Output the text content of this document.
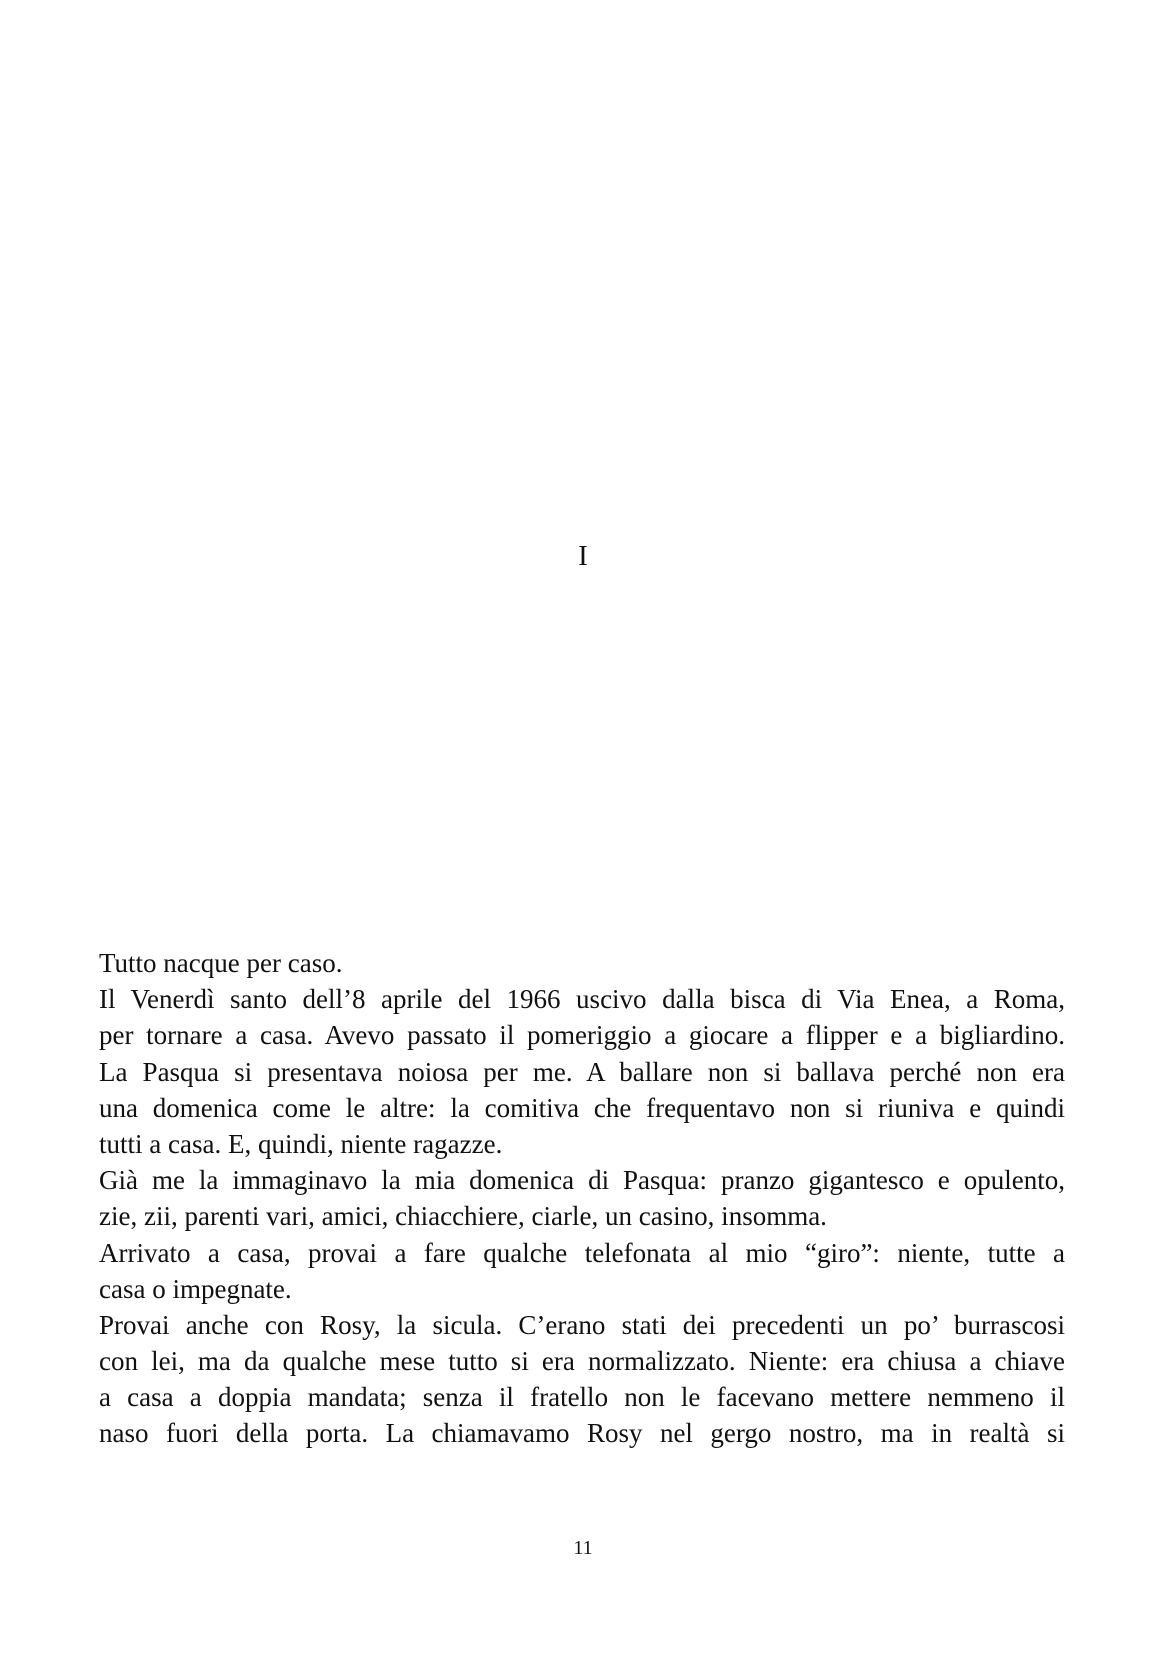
I
Tutto nacque per caso.
Il Venerdì santo dell’8 aprile del 1966 uscivo dalla bisca di Via Enea, a Roma,
per tornare a casa. Avevo passato il pomeriggio a giocare a flipper e a bigliardino.
La Pasqua si presentava noiosa per me. A ballare non si ballava perché non era
una domenica come le altre: la comitiva che frequentavo non si riuniva e quindi
tutti a casa. E, quindi, niente ragazze.
Già me la immaginavo la mia domenica di Pasqua: pranzo gigantesco e opulento,
zie, zii, parenti vari, amici, chiacchiere, ciarle, un casino, insomma.
Arrivato a casa, provai a fare qualche telefonata al mio “giro”: niente, tutte a
casa o impegnate.
Provai anche con Rosy, la sicula. C’erano stati dei precedenti un po’ burrascosi
con lei, ma da qualche mese tutto si era normalizzato. Niente: era chiusa a chiave
a casa a doppia mandata; senza il fratello non le facevano mettere nemmeno il
naso fuori della porta. La chiamavamo Rosy nel gergo nostro, ma in realtà si
11
